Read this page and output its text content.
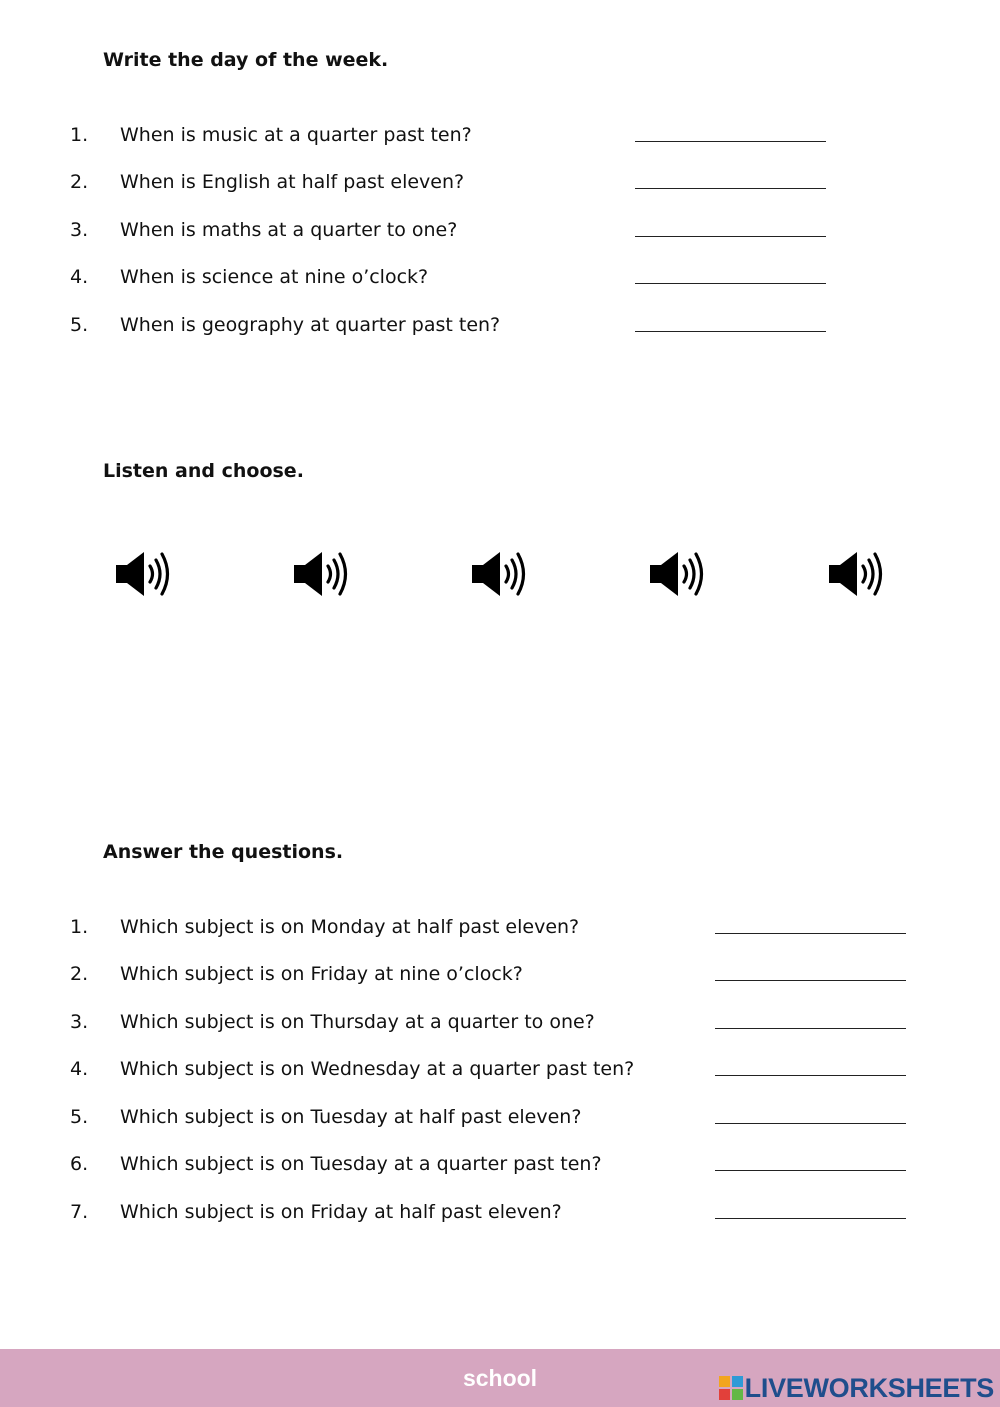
Write the day of the week.
1. When is music at a quarter past ten?
2. When is English at half past eleven?
3. When is maths at a quarter to one?
4. When is science at nine o’clock?
5. When is geography at quarter past ten?
Listen and choose.
Answer the questions.
1. Which subject is on Monday at half past eleven?
2. Which subject is on Friday at nine o’clock?
3. Which subject is on Thursday at a quarter to one?
4. Which subject is on Wednesday at a quarter past ten?
5. Which subject is on Tuesday at half past eleven?
6. Which subject is on Tuesday at a quarter past ten?
7. Which subject is on Friday at half past eleven?
school	LIVEWORKSHEETS
